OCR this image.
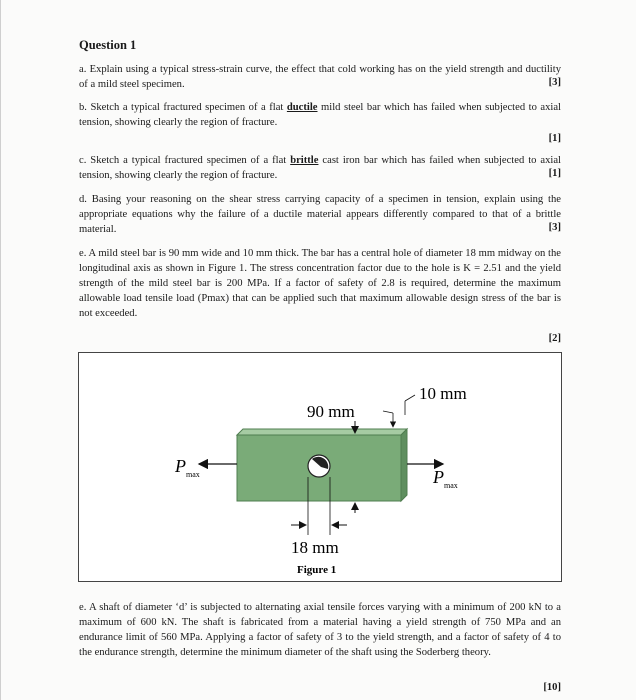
Question 1
a. Explain using a typical stress-strain curve, the effect that cold working has on the yield strength and ductility of a mild steel specimen.	[3]
b. Sketch a typical fractured specimen of a flat ductile mild steel bar which has failed when subjected to axial tension, showing clearly the region of fracture.
[1]
c. Sketch a typical fractured specimen of a flat brittle cast iron bar which has failed when subjected to axial tension, showing clearly the region of fracture.	[1]
d. Basing your reasoning on the shear stress carrying capacity of a specimen in tension, explain using the appropriate equations why the failure of a ductile material appears differently compared to that of a brittle material.	[3]
e. A mild steel bar is 90 mm wide and 10 mm thick. The bar has a central hole of diameter 18 mm midway on the longitudinal axis as shown in Figure 1. The stress concentration factor due to the hole is K = 2.51 and the yield strength of the mild steel bar is 200 MPa. If a factor of safety of 2.8 is required, determine the maximum allowable load tensile load (Pmax) that can be applied such that maximum allowable design stress of the bar is not exceeded.
[2]
90 mm
10 mm
18 mm
P max	P max
Figure 1
e. A shaft of diameter ‘d’ is subjected to alternating axial tensile forces varying with a minimum of 200 kN to a maximum of 600 kN. The shaft is fabricated from a material having a yield strength of 750 MPa and an endurance limit of 560 MPa. Applying a factor of safety of 3 to the yield strength, and a factor of safety of 4 to the endurance strength, determine the minimum diameter of the shaft using the Soderberg theory.
[10]
